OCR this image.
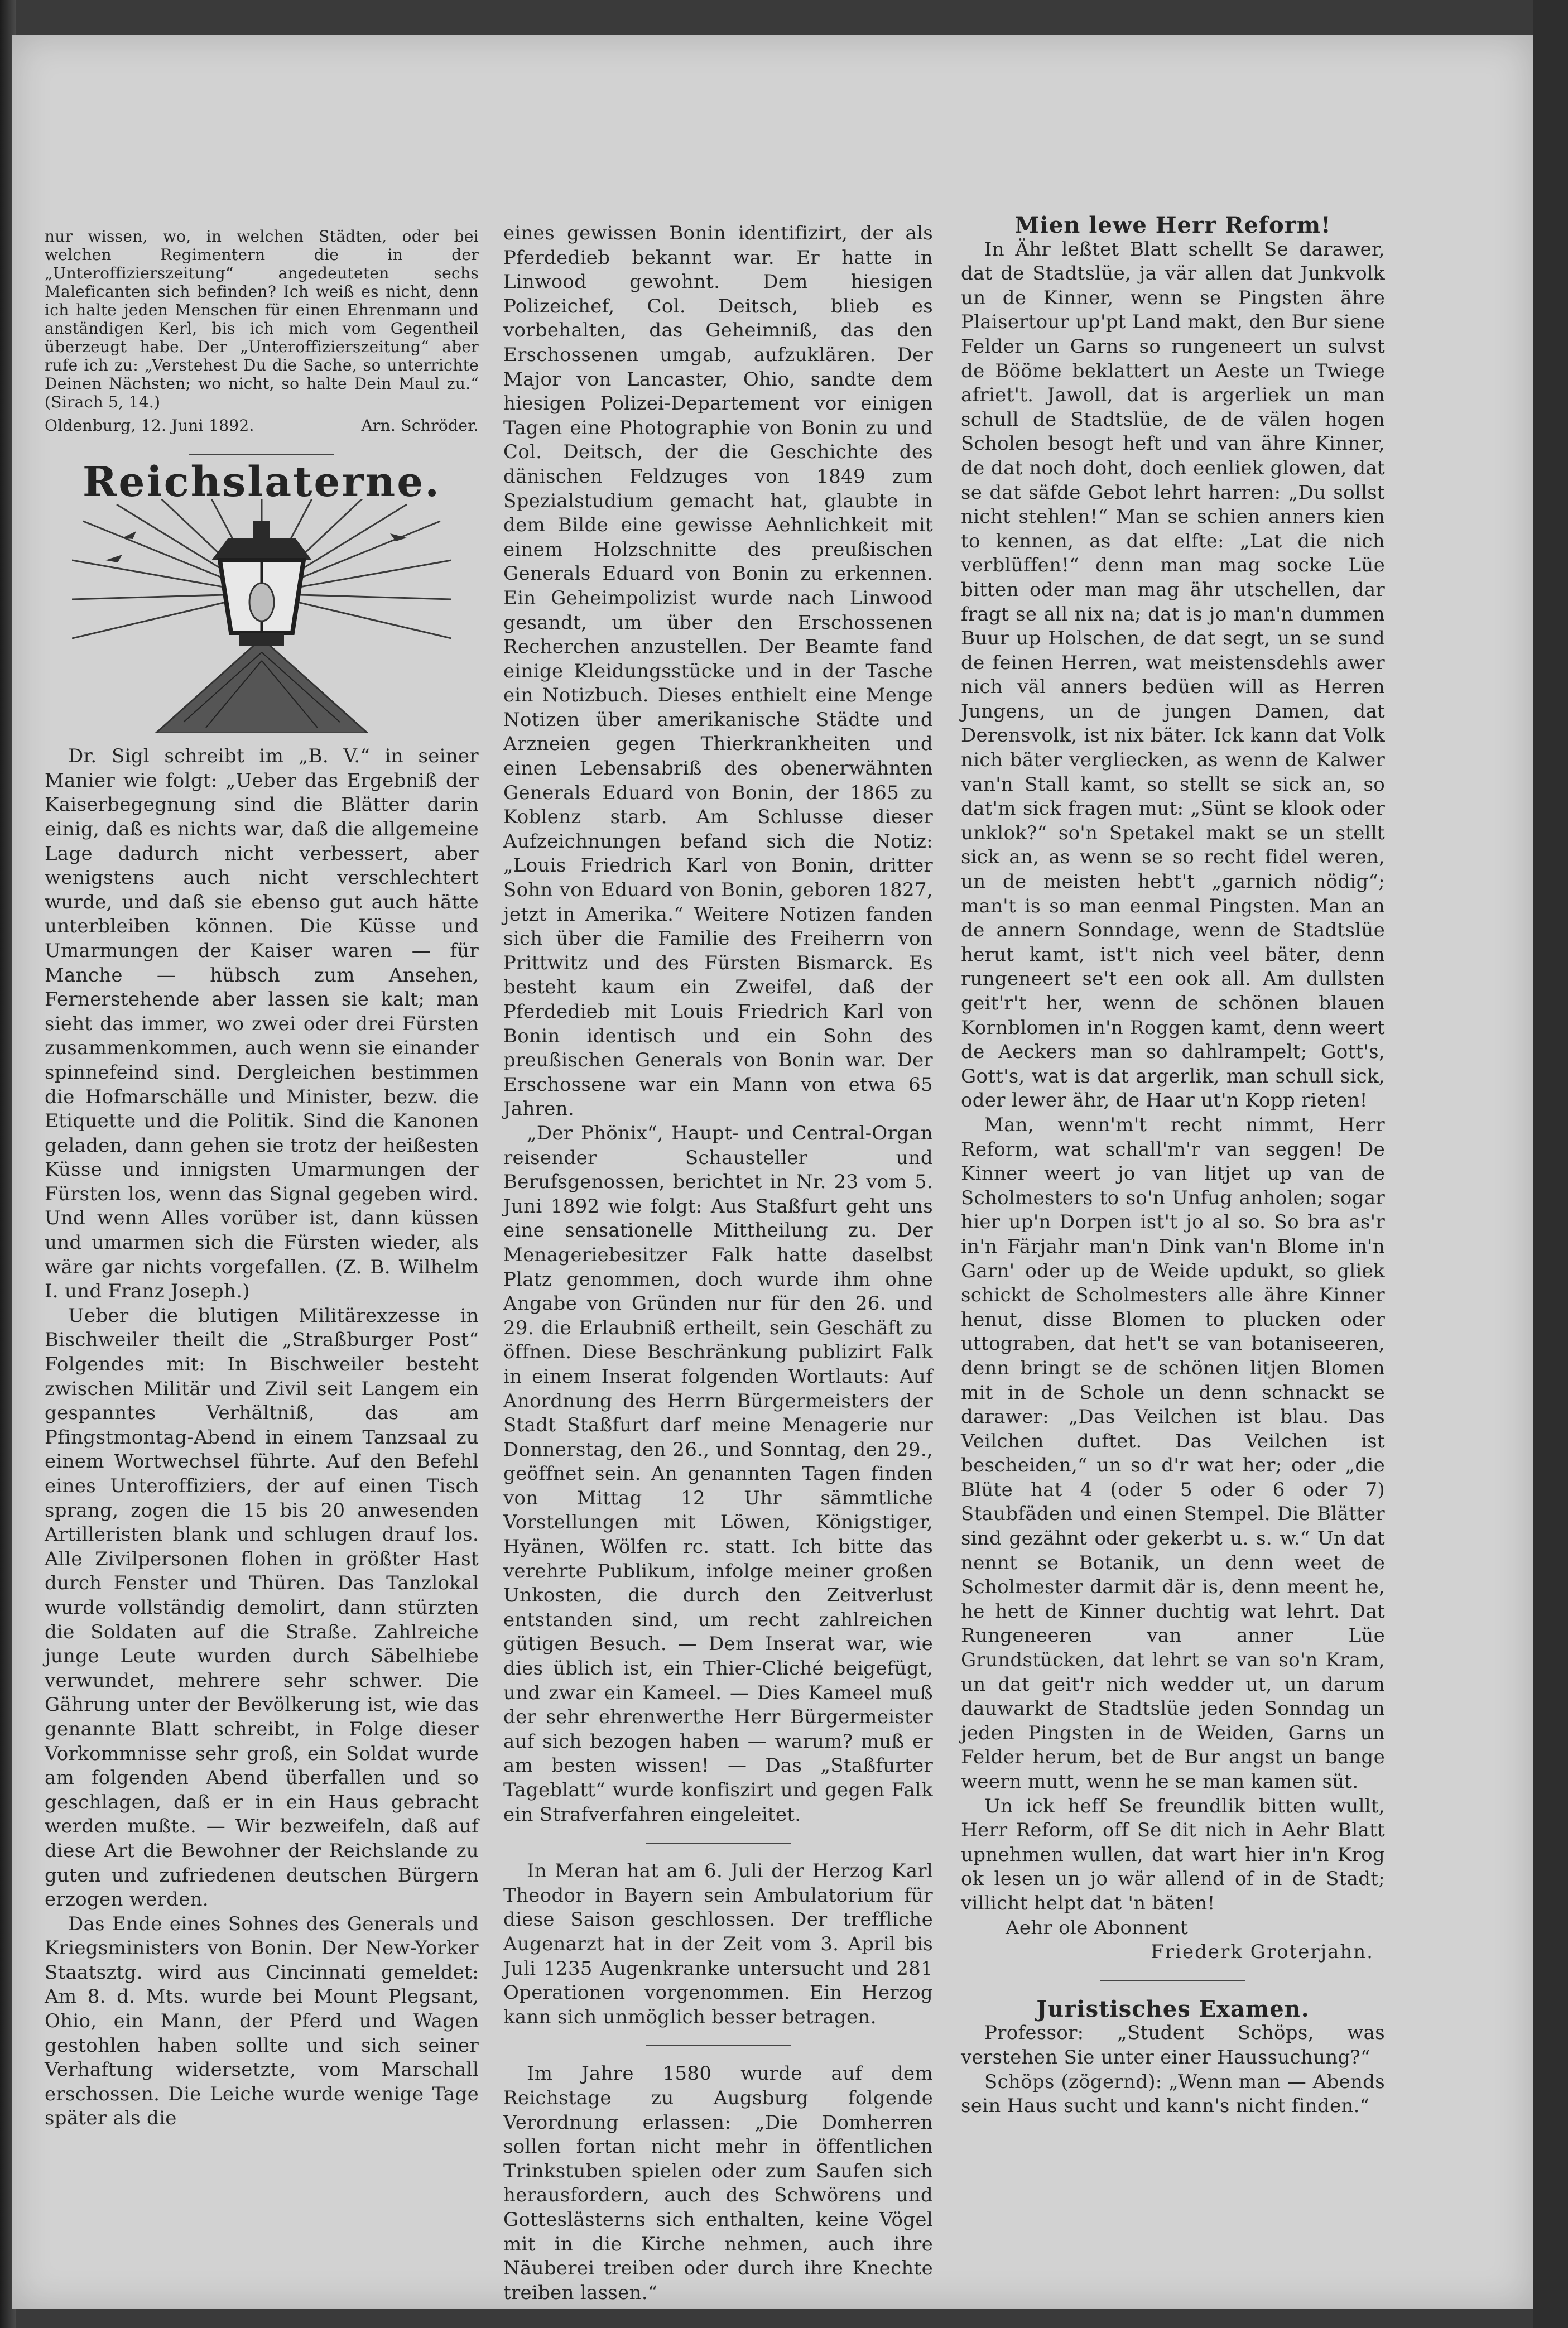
nur wissen, wo, in welchen Städten, oder bei welchen Regimentern die in der „Unteroffizierszeitung“ angedeuteten sechs Maleficanten sich befinden? Ich weiß es nicht, denn ich halte jeden Menschen für einen Ehrenmann und anständigen Kerl, bis ich mich vom Gegentheil überzeugt habe. Der „Unteroffizierszeitung“ aber rufe ich zu: „Verstehest Du die Sache, so unterrichte Deinen Nächsten; wo nicht, so halte Dein Maul zu.“ (Sirach 5, 14.)

Oldenburg, 12. Juni 1892.	Arn. Schröder.
Reichslaterne.

Dr. Sigl schreibt im „B. V.“ in seiner Manier wie folgt: „Ueber das Ergebniß der Kaiserbegegnung sind die Blätter darin einig, daß es nichts war, daß die allgemeine Lage dadurch nicht verbessert, aber wenigstens auch nicht verschlechtert wurde, und daß sie ebenso gut auch hätte unterbleiben können. Die Küsse und Umarmungen der Kaiser waren — für Manche — hübsch zum Ansehen, Fernerstehende aber lassen sie kalt; man sieht das immer, wo zwei oder drei Fürsten zusammenkommen, auch wenn sie einander spinnefeind sind. Dergleichen bestimmen die Hofmarschälle und Minister, bezw. die Etiquette und die Politik. Sind die Kanonen geladen, dann gehen sie trotz der heißesten Küsse und innigsten Umarmungen der Fürsten los, wenn das Signal gegeben wird. Und wenn Alles vorüber ist, dann küssen und umarmen sich die Fürsten wieder, als wäre gar nichts vorgefallen. (Z. B. Wilhelm I. und Franz Joseph.)

Ueber die blutigen Militärexzesse in Bischweiler theilt die „Straßburger Post“ Folgendes mit: In Bischweiler besteht zwischen Militär und Zivil seit Langem ein gespanntes Verhältniß, das am Pfingstmontag-Abend in einem Tanzsaal zu einem Wortwechsel führte. Auf den Befehl eines Unteroffiziers, der auf einen Tisch sprang, zogen die 15 bis 20 anwesenden Artilleristen blank und schlugen drauf los. Alle Zivilpersonen flohen in größter Hast durch Fenster und Thüren. Das Tanzlokal wurde vollständig demolirt, dann stürzten die Soldaten auf die Straße. Zahlreiche junge Leute wurden durch Säbelhiebe verwundet, mehrere sehr schwer. Die Gährung unter der Bevölkerung ist, wie das genannte Blatt schreibt, in Folge dieser Vorkommnisse sehr groß, ein Soldat wurde am folgenden Abend überfallen und so geschlagen, daß er in ein Haus gebracht werden mußte. — Wir bezweifeln, daß auf diese Art die Bewohner der Reichslande zu guten und zufriedenen deutschen Bürgern erzogen werden.

Das Ende eines Sohnes des Generals und Kriegsministers von Bonin. Der New-Yorker Staatsztg. wird aus Cincinnati gemeldet: Am 8. d. Mts. wurde bei Mount Plegsant, Ohio, ein Mann, der Pferd und Wagen gestohlen haben sollte und sich seiner Verhaftung widersetzte, vom Marschall erschossen. Die Leiche wurde wenige Tage später als die

eines gewissen Bonin identifizirt, der als Pferdedieb bekannt war. Er hatte in Linwood gewohnt. Dem hiesigen Polizeichef, Col. Deitsch, blieb es vorbehalten, das Geheimniß, das den Erschossenen umgab, aufzuklären. Der Major von Lancaster, Ohio, sandte dem hiesigen Polizei-Departement vor einigen Tagen eine Photographie von Bonin zu und Col. Deitsch, der die Geschichte des dänischen Feldzuges von 1849 zum Spezialstudium gemacht hat, glaubte in dem Bilde eine gewisse Aehnlichkeit mit einem Holzschnitte des preußischen Generals Eduard von Bonin zu erkennen. Ein Geheimpolizist wurde nach Linwood gesandt, um über den Erschossenen Recherchen anzustellen. Der Beamte fand einige Kleidungsstücke und in der Tasche ein Notizbuch. Dieses enthielt eine Menge Notizen über amerikanische Städte und Arzneien gegen Thierkrankheiten und einen Lebensabriß des obenerwähnten Generals Eduard von Bonin, der 1865 zu Koblenz starb. Am Schlusse dieser Aufzeichnungen befand sich die Notiz: „Louis Friedrich Karl von Bonin, dritter Sohn von Eduard von Bonin, geboren 1827, jetzt in Amerika.“ Weitere Notizen fanden sich über die Familie des Freiherrn von Prittwitz und des Fürsten Bismarck. Es besteht kaum ein Zweifel, daß der Pferdedieb mit Louis Friedrich Karl von Bonin identisch und ein Sohn des preußischen Generals von Bonin war. Der Erschossene war ein Mann von etwa 65 Jahren.

„Der Phönix“, Haupt- und Central-Organ reisender Schausteller und Berufsgenossen, berichtet in Nr. 23 vom 5. Juni 1892 wie folgt: Aus Staßfurt geht uns eine sensationelle Mittheilung zu. Der Menageriebesitzer Falk hatte daselbst Platz genommen, doch wurde ihm ohne Angabe von Gründen nur für den 26. und 29. die Erlaubniß ertheilt, sein Geschäft zu öffnen. Diese Beschränkung publizirt Falk in einem Inserat folgenden Wortlauts: Auf Anordnung des Herrn Bürgermeisters der Stadt Staßfurt darf meine Menagerie nur Donnerstag, den 26., und Sonntag, den 29., geöffnet sein. An genannten Tagen finden von Mittag 12 Uhr sämmtliche Vorstellungen mit Löwen, Königstiger, Hyänen, Wölfen rc. statt. Ich bitte das verehrte Publikum, infolge meiner großen Unkosten, die durch den Zeitverlust entstanden sind, um recht zahlreichen gütigen Besuch. — Dem Inserat war, wie dies üblich ist, ein Thier-Cliché beigefügt, und zwar ein Kameel. — Dies Kameel muß der sehr ehrenwerthe Herr Bürgermeister auf sich bezogen haben — warum? muß er am besten wissen! — Das „Staßfurter Tageblatt“ wurde konfiszirt und gegen Falk ein Strafverfahren eingeleitet.

In Meran hat am 6. Juli der Herzog Karl Theodor in Bayern sein Ambulatorium für diese Saison geschlossen. Der treffliche Augenarzt hat in der Zeit vom 3. April bis Juli 1235 Augenkranke untersucht und 281 Operationen vorgenommen. Ein Herzog kann sich unmöglich besser betragen.

Im Jahre 1580 wurde auf dem Reichstage zu Augsburg folgende Verordnung erlassen: „Die Domherren sollen fortan nicht mehr in öffentlichen Trinkstuben spielen oder zum Saufen sich herausfordern, auch des Schwörens und Gotteslästerns sich enthalten, keine Vögel mit in die Kirche nehmen, auch ihre Näuberei treiben oder durch ihre Knechte treiben lassen.“

Mien lewe Herr Reform!

In Ähr leßtet Blatt schellt Se darawer, dat de Stadtslüe, ja vär allen dat Junkvolk un de Kinner, wenn se Pingsten ähre Plaisertour up'pt Land makt, den Bur siene Felder un Garns so rungeneert un sulvst de Bööme beklattert un Aeste un Twiege afriet't. Jawoll, dat is argerliek un man schull de Stadtslüe, de de välen hogen Scholen besogt heft und van ähre Kinner, de dat noch doht, doch eenliek glowen, dat se dat säfde Gebot lehrt harren: „Du sollst nicht stehlen!“ Man se schien anners kien to kennen, as dat elfte: „Lat die nich verblüffen!“ denn man mag socke Lüe bitten oder man mag ähr utschellen, dar fragt se all nix na; dat is jo man'n dummen Buur up Holschen, de dat segt, un se sund de feinen Herren, wat meistensdehls awer nich väl anners bedüen will as Herren Jungens, un de jungen Damen, dat Derensvolk, ist nix bäter. Ick kann dat Volk nich bäter vergliecken, as wenn de Kalwer van'n Stall kamt, so stellt se sick an, so dat'm sick fragen mut: „Sünt se klook oder unklok?“ so'n Spetakel makt se un stellt sick an, as wenn se so recht fidel weren, un de meisten hebt't „garnich nödig“; man't is so man eenmal Pingsten. Man an de annern Sonndage, wenn de Stadtslüe herut kamt, ist't nich veel bäter, denn rungeneert se't een ook all. Am dullsten geit'r't her, wenn de schönen blauen Kornblomen in'n Roggen kamt, denn weert de Aeckers man so dahlrampelt; Gott's, Gott's, wat is dat argerlik, man schull sick, oder lewer ähr, de Haar ut'n Kopp rieten!

Man, wenn'm't recht nimmt, Herr Reform, wat schall'm'r van seggen! De Kinner weert jo van litjet up van de Scholmesters to so'n Unfug anholen; sogar hier up'n Dorpen ist't jo al so. So bra as'r in'n Färjahr man'n Dink van'n Blome in'n Garn' oder up de Weide updukt, so gliek schickt de Scholmesters alle ähre Kinner henut, disse Blomen to plucken oder uttograben, dat het't se van botaniseeren, denn bringt se de schönen litjen Blomen mit in de Schole un denn schnackt se darawer: „Das Veilchen ist blau. Das Veilchen duftet. Das Veilchen ist bescheiden,“ un so d'r wat her; oder „die Blüte hat 4 (oder 5 oder 6 oder 7) Staubfäden und einen Stempel. Die Blätter sind gezähnt oder gekerbt u. s. w.“ Un dat nennt se Botanik, un denn weet de Scholmester darmit där is, denn meent he, he hett de Kinner duchtig wat lehrt. Dat Rungeneeren van anner Lüe Grundstücken, dat lehrt se van so'n Kram, un dat geit'r nich wedder ut, un darum dauwarkt de Stadtslüe jeden Sonndag un jeden Pingsten in de Weiden, Garns un Felder herum, bet de Bur angst un bange weern mutt, wenn he se man kamen süt.

Un ick heff Se freundlik bitten wullt, Herr Reform, off Se dit nich in Aehr Blatt upnehmen wullen, dat wart hier in'n Krog ok lesen un jo wär allend of in de Stadt; villicht helpt dat 'n bäten!

Aehr ole Abonnent
Friederk Groterjahn.
Juristisches Examen.

Professor: „Student Schöps, was verstehen Sie unter einer Haussuchung?“

Schöps (zögernd): „Wenn man — Abends sein Haus sucht und kann's nicht finden.“
